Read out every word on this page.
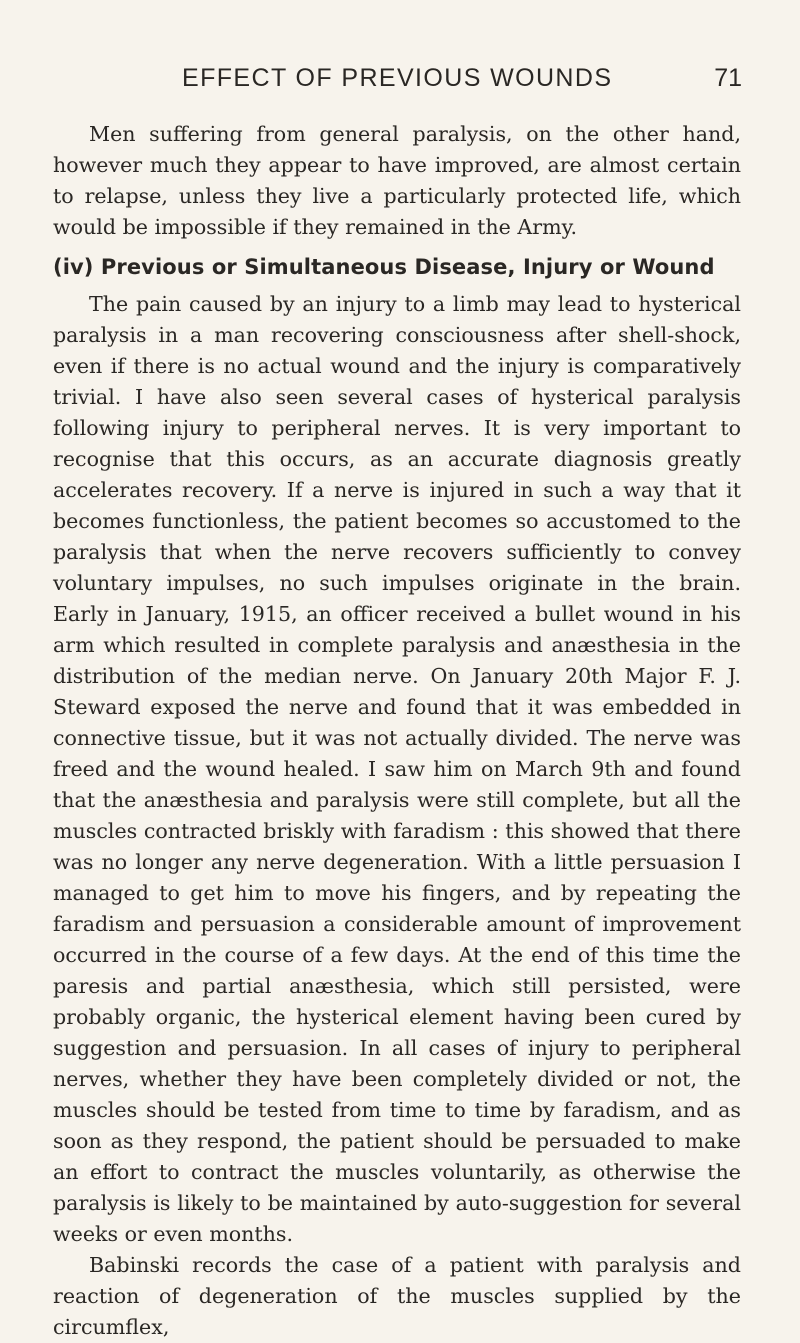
EFFECT OF PREVIOUS WOUNDS	71

Men suffering from general paralysis, on the other hand, however much they appear to have improved, are almost certain to relapse, unless they live a particularly protected life, which would be impossible if they remained in the Army.

(iv) Previous or Simultaneous Disease, Injury or Wound

The pain caused by an injury to a limb may lead to hysterical paralysis in a man recovering consciousness after shell-shock, even if there is no actual wound and the injury is comparatively trivial. I have also seen several cases of hysterical paralysis following injury to peripheral nerves. It is very important to recognise that this occurs, as an accurate diagnosis greatly accelerates recovery. If a nerve is injured in such a way that it becomes functionless, the patient becomes so accustomed to the paralysis that when the nerve recovers sufficiently to convey voluntary impulses, no such impulses originate in the brain. Early in January, 1915, an officer received a bullet wound in his arm which resulted in complete paralysis and anæsthesia in the distribution of the median nerve. On January 20th Major F. J. Steward exposed the nerve and found that it was embedded in connective tissue, but it was not actually divided. The nerve was freed and the wound healed. I saw him on March 9th and found that the anæsthesia and paralysis were still complete, but all the muscles contracted briskly with faradism : this showed that there was no longer any nerve degeneration. With a little persuasion I managed to get him to move his fingers, and by repeating the faradism and persuasion a considerable amount of improvement occurred in the course of a few days. At the end of this time the paresis and partial anæsthesia, which still persisted, were probably organic, the hysterical element having been cured by suggestion and persuasion. In all cases of injury to peripheral nerves, whether they have been completely divided or not, the muscles should be tested from time to time by faradism, and as soon as they respond, the patient should be persuaded to make an effort to contract the muscles voluntarily, as otherwise the paralysis is likely to be maintained by auto-suggestion for several weeks or even months.

Babinski records the case of a patient with paralysis and reaction of degeneration of the muscles supplied by the circumflex,
